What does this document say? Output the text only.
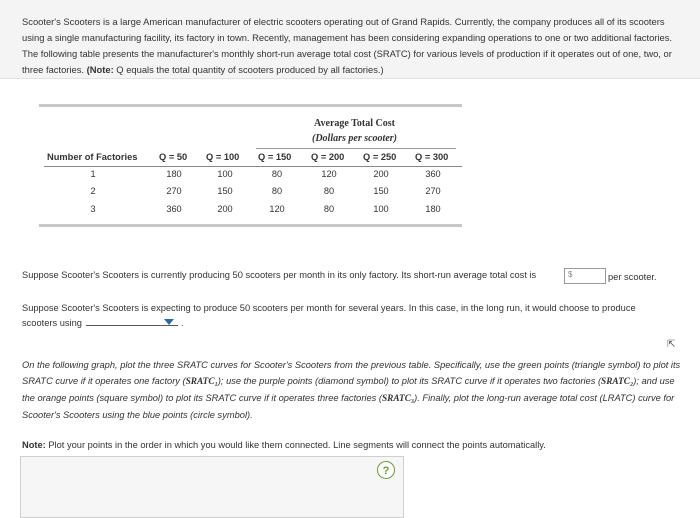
Scooter's Scooters is a large American manufacturer of electric scooters operating out of Grand Rapids. Currently, the company produces all of its scooters using a single manufacturing facility, its factory in town. Recently, management has been considering expanding operations to one or two additional factories. The following table presents the manufacturer's monthly short-run average total cost (SRATC) for various levels of production if it operates out of one, two, or three factories. (Note: Q equals the total quantity of scooters produced by all factories.)
Average Total Cost
(Dollars per scooter)
Number of Factories Q = 50 Q = 100 Q = 150 Q = 200 Q = 250 Q = 300
1	180	100	80	120	200	360
2	270	150	80	80	150	270
3	360	200	120	80	100	180
Suppose Scooter's Scooters is currently producing 50 scooters per month in its only factory. Its short-run average total cost is	$	per scooter.
Suppose Scooter's Scooters is expecting to produce 50 scooters per month for several years. In this case, in the long run, it would choose to produce scooters using	.
⇱
On the following graph, plot the three SRATC curves for Scooter's Scooters from the previous table. Specifically, use the green points (triangle symbol) to plot its SRATC curve if it operates one factory (SRATC₁); use the purple points (diamond symbol) to plot its SRATC curve if it operates two factories (SRATC₂); and use the orange points (square symbol) to plot its SRATC curve if it operates three factories (SRATC₃). Finally, plot the long-run average total cost (LRATC) curve for Scooter's Scooters using the blue points (circle symbol).
Note: Plot your points in the order in which you would like them connected. Line segments will connect the points automatically.
?
